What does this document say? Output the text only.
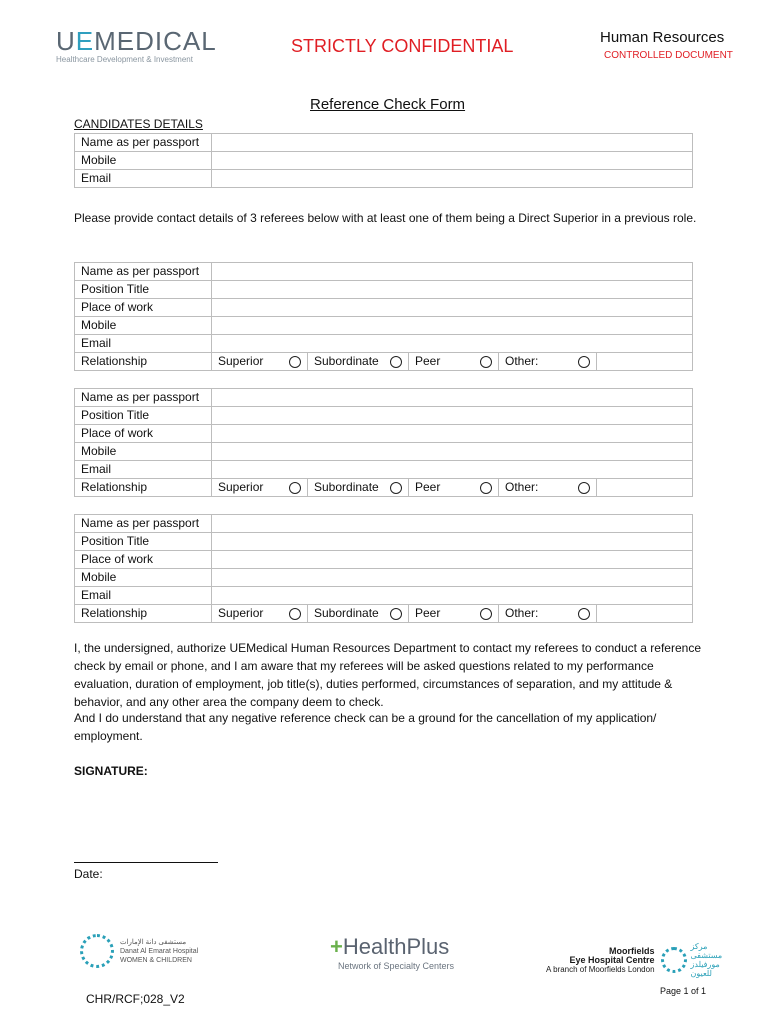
UEMEDICAL
Healthcare Development & Investment
STRICTLY CONFIDENTIAL	Human Resources
CONTROLLED DOCUMENT
Reference Check Form
CANDIDATES DETAILS
Name as per passport	
Mobile	
Email	
Please provide contact details of 3 referees below with at least one of them being a Direct Superior in a previous role.
Name as per passport	
Position Title	
Place of work	
Mobile	
Email	
Relationship	Superior Subordinate Peer Other:
Name as per passport	
Position Title	
Place of work	
Mobile	
Email	
Relationship	Superior Subordinate Peer Other:
Name as per passport	
Position Title	
Place of work	
Mobile	
Email	
Relationship	Superior Subordinate Peer Other:
I, the undersigned, authorize UEMedical Human Resources Department to contact my referees to conduct a reference check by email or phone, and I am aware that my referees will be asked questions related to my performance evaluation, duration of employment, job title(s), duties performed, circumstances of separation, and my attitude & behavior, and any other area the company deem to check.
And I do understand that any negative reference check can be a ground for the cancellation of my application/ employment.
SIGNATURE:
Date:
مستشفى دانة الإمارات
Danat Al Emarat Hospital
WOMEN & CHILDREN
+HealthPlus
Network of Specialty Centers
Moorfields
Eye Hospital Centre
A branch of Moorfields London
مركز مستشفى مورفيلدز للعيون
CHR/RCF;028_V2
Page 1 of 1
